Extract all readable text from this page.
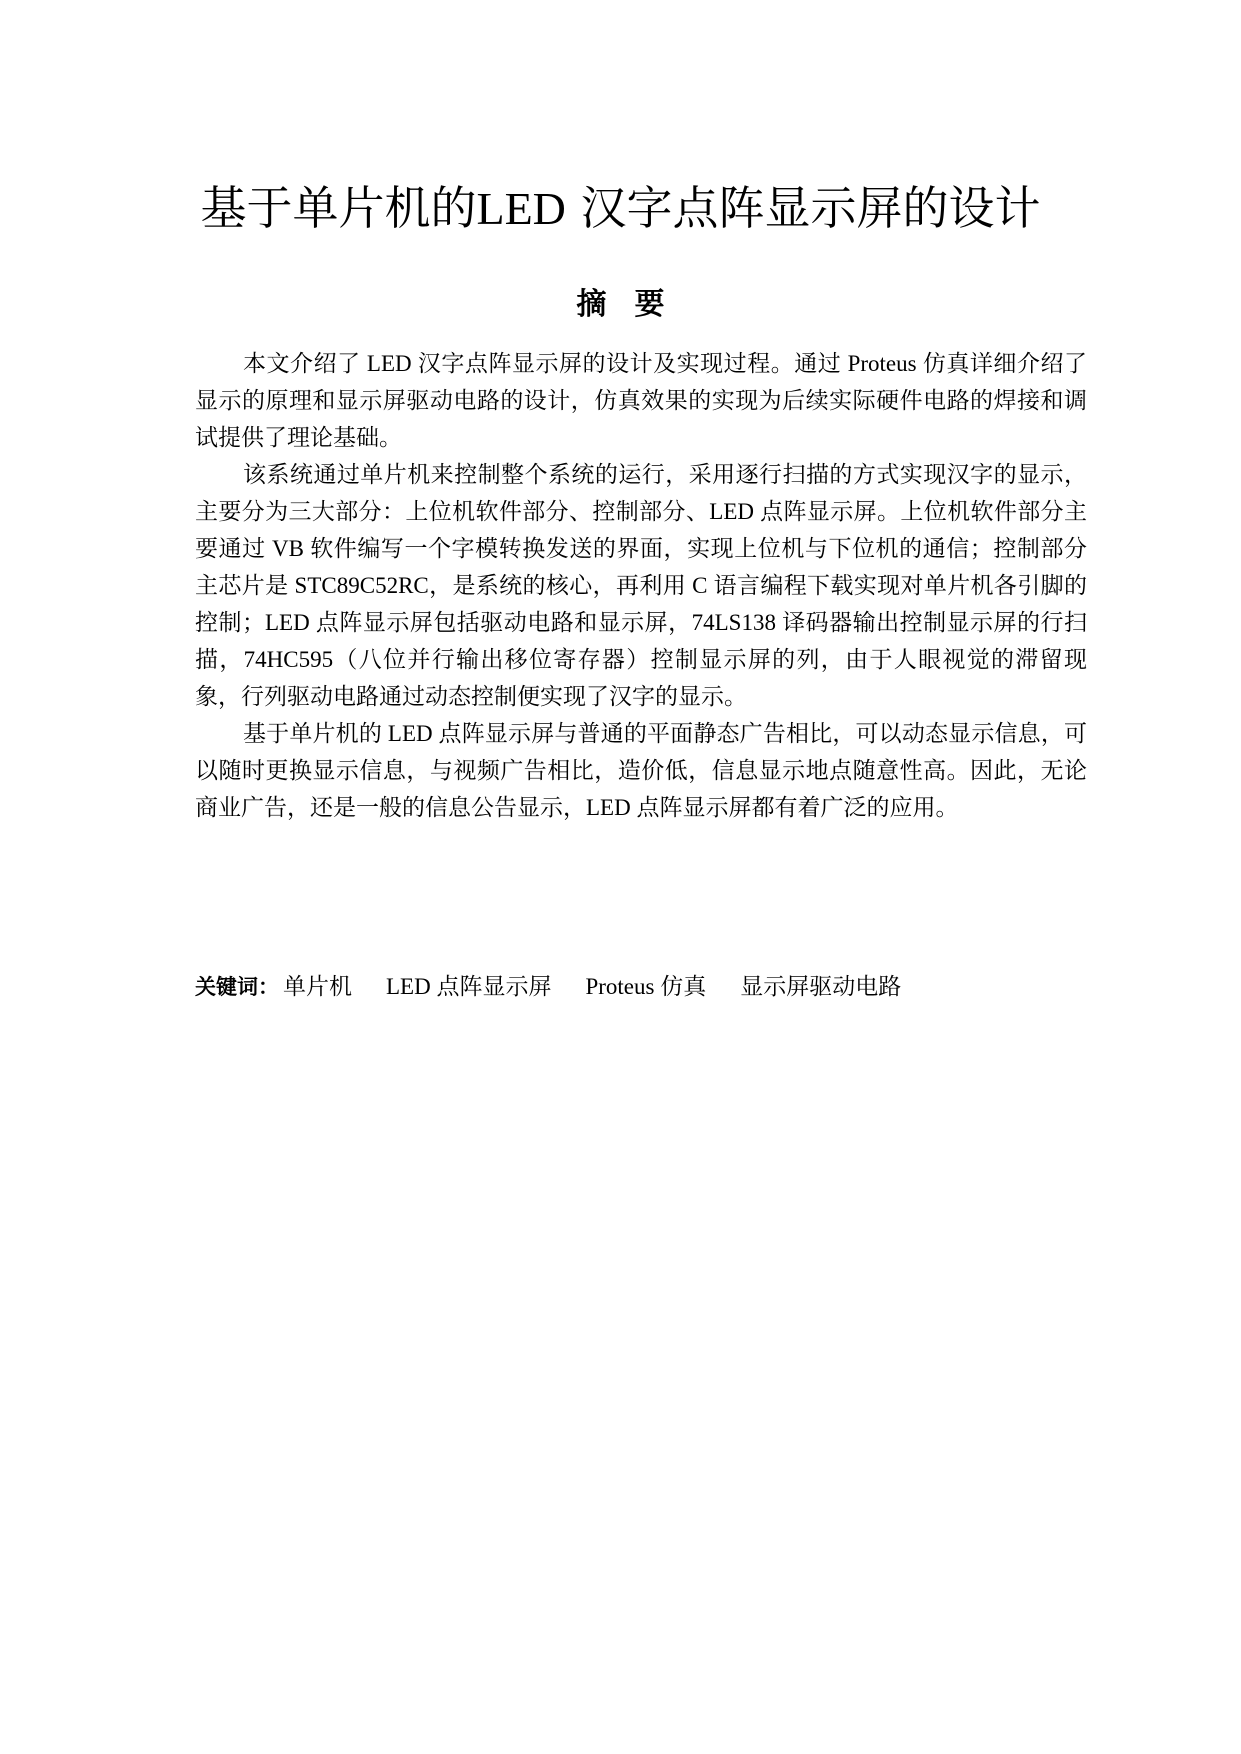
基于单片机的LED 汉字点阵显示屏的设计
摘要

本文介绍了 LED 汉字点阵显示屏的设计及实现过程。通过 Proteus 仿真详细介绍了显示的原理和显示屏驱动电路的设计，仿真效果的实现为后续实际硬件电路的焊接和调试提供了理论基础。

该系统通过单片机来控制整个系统的运行，采用逐行扫描的方式实现汉字的显示，主要分为三大部分：上位机软件部分、控制部分、LED 点阵显示屏。上位机软件部分主要通过 VB 软件编写一个字模转换发送的界面，实现上位机与下位机的通信；控制部分主芯片是 STC89C52RC，是系统的核心，再利用 C 语言编程下载实现对单片机各引脚的控制；LED 点阵显示屏包括驱动电路和显示屏，74LS138 译码器输出控制显示屏的行扫描，74HC595（八位并行输出移位寄存器）控制显示屏的列，由于人眼视觉的滞留现象，行列驱动电路通过动态控制便实现了汉字的显示。

基于单片机的 LED 点阵显示屏与普通的平面静态广告相比，可以动态显示信息，可以随时更换显示信息，与视频广告相比，造价低，信息显示地点随意性高。因此，无论商业广告，还是一般的信息公告显示，LED 点阵显示屏都有着广泛的应用。

关键词： 单片机 LED 点阵显示屏 Proteus 仿真 显示屏驱动电路
